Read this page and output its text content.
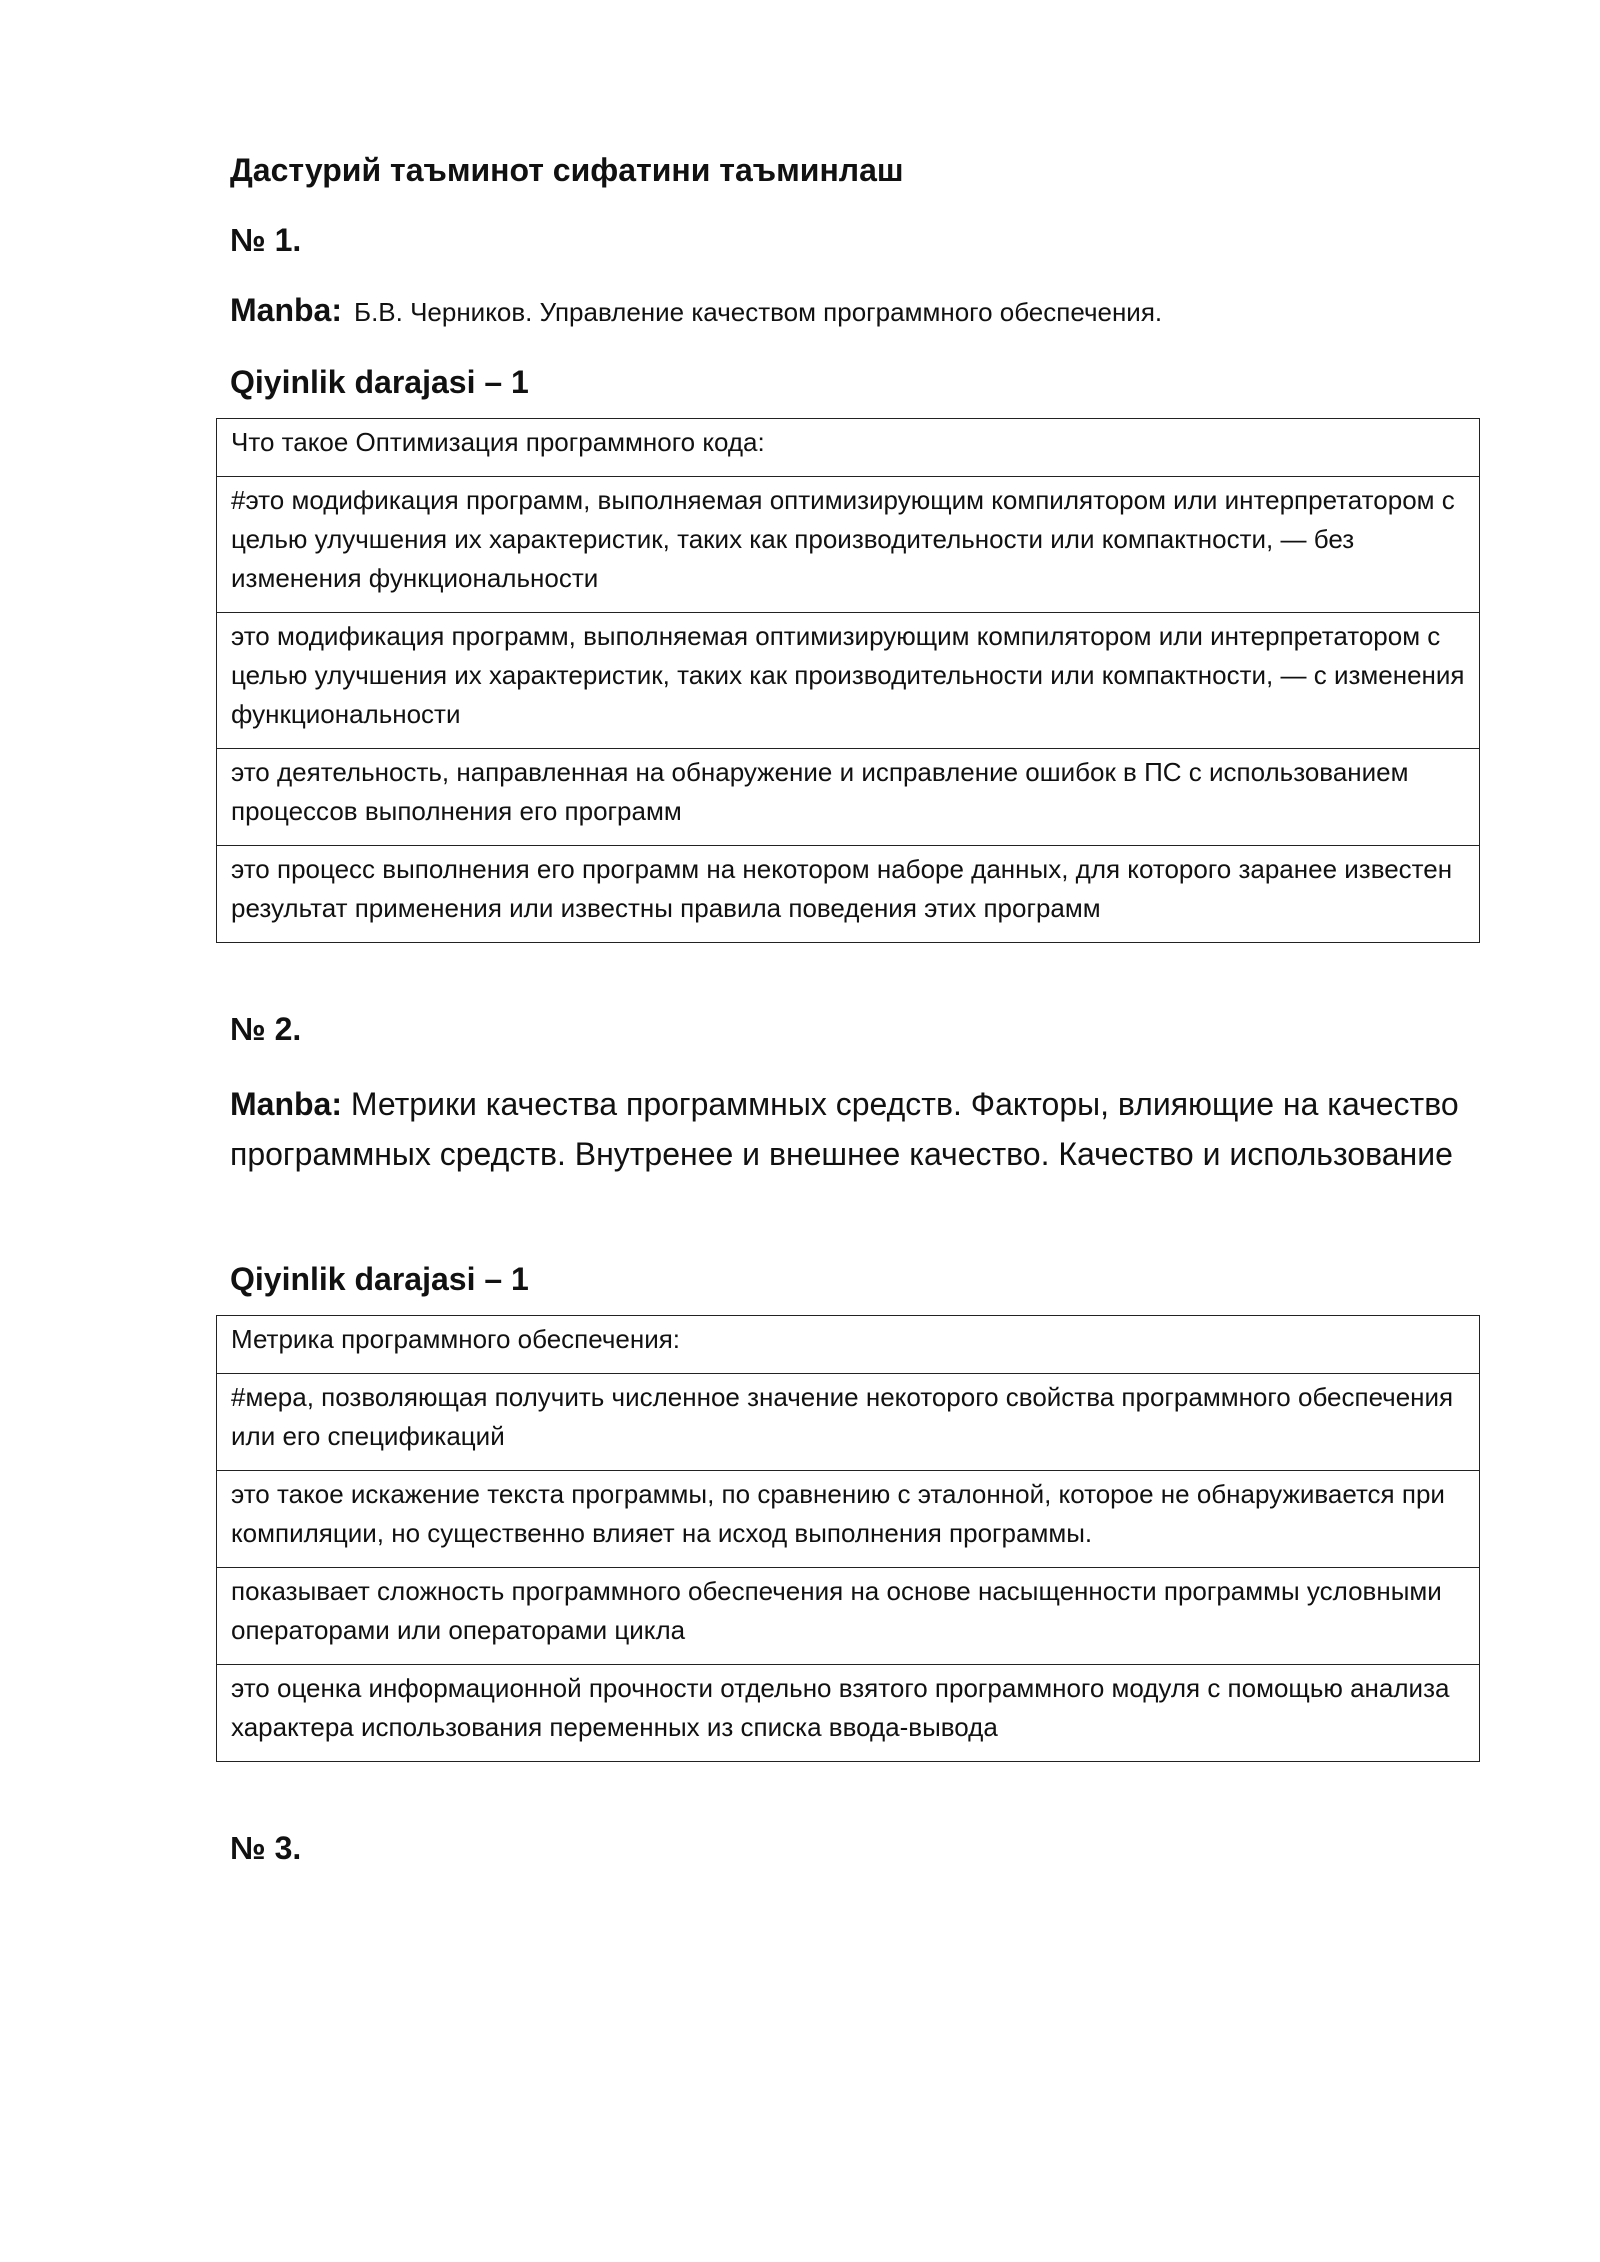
Дастурий таъминот сифатини таъминлаш
№ 1.
Manba: Б.В. Черников. Управление качеством программного обеспечения.
Qiyinlik darajasi – 1
Что такое Оптимизация программного кода:
#это модификация программ, выполняемая оптимизирующим компилятором или интерпретатором с целью улучшения их характеристик, таких как производительности или компактности, — без изменения функциональности
это модификация программ, выполняемая оптимизирующим компилятором или интерпретатором с целью улучшения их характеристик, таких как производительности или компактности, — с изменения функциональности
это деятельность, направленная на обнаружение и исправление ошибок в ПС с использованием процессов выполнения его программ
это процесс выполнения его программ на некотором наборе данных, для которого заранее известен результат применения или известны правила поведения этих программ
№ 2.
Manba: Метрики качества программных средств. Факторы, влияющие на качество программных средств. Внутренее и внешнее качество. Качество и использование
Qiyinlik darajasi – 1
Метрика программного обеспечения:
#мера, позволяющая получить численное значение некоторого свойства программного обеспечения или его спецификаций
это такое искажение текста программы, по сравнению с эталонной, которое не обнаруживается при компиляции, но существенно влияет на исход выполнения программы.
показывает сложность программного обеспечения на основе насыщенности программы условными операторами или операторами цикла
это оценка информационной прочности отдельно взятого программного модуля с помощью анализа характера использования переменных из списка ввода-вывода
№ 3.
